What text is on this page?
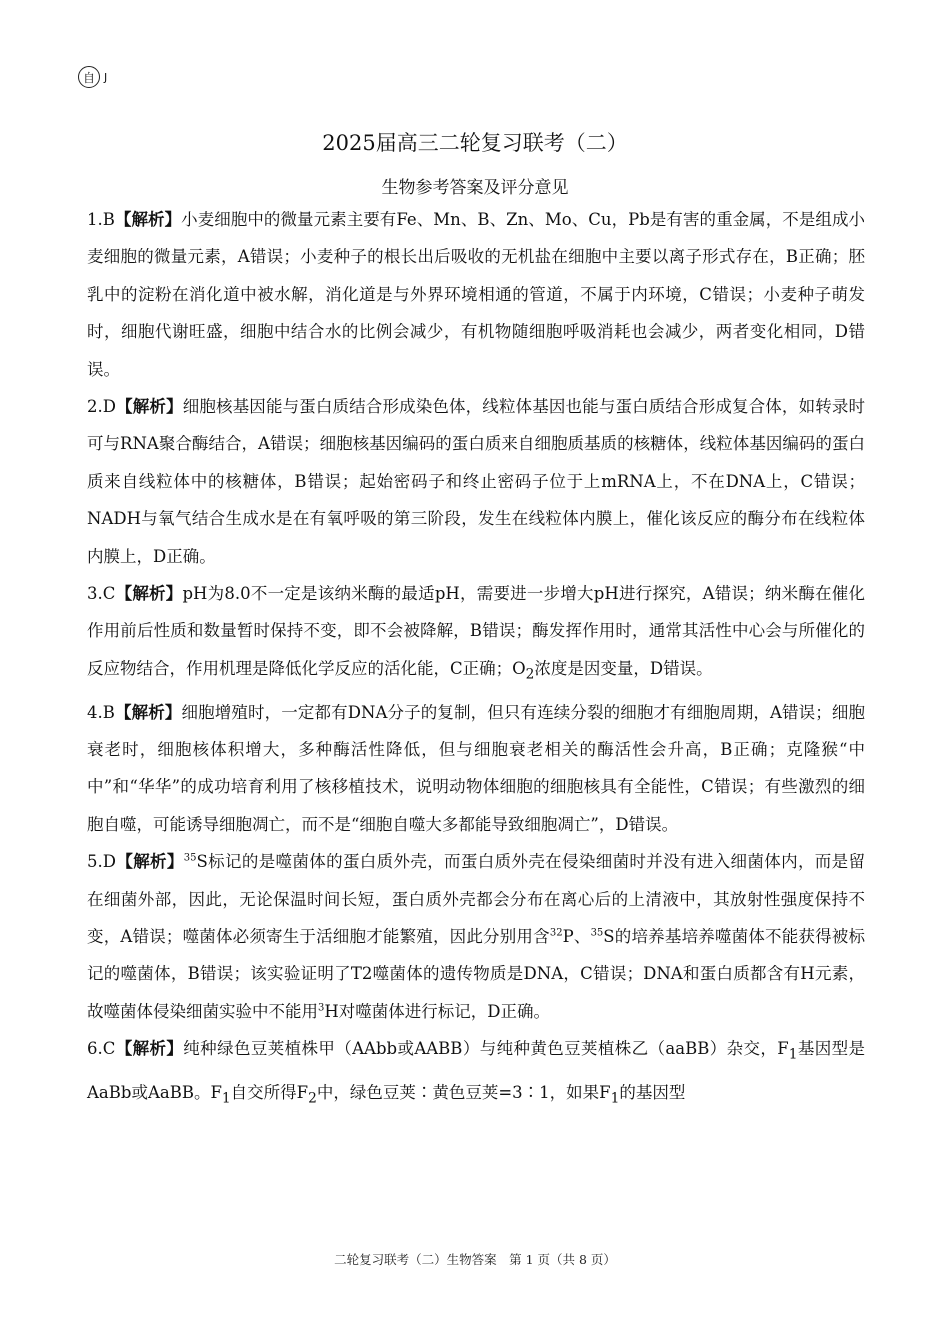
自 J
2025届高三二轮复习联考（二）
生物参考答案及评分意见

1.B【解析】小麦细胞中的微量元素主要有Fe、Mn、B、Zn、Mo、Cu，Pb是有害的重金属，不是组成小麦细胞的微量元素，A错误；小麦种子的根长出后吸收的无机盐在细胞中主要以离子形式存在，B正确；胚乳中的淀粉在消化道中被水解，消化道是与外界环境相通的管道，不属于内环境，C错误；小麦种子萌发时，细胞代谢旺盛，细胞中结合水的比例会减少，有机物随细胞呼吸消耗也会减少，两者变化相同，D错误。

2.D【解析】细胞核基因能与蛋白质结合形成染色体，线粒体基因也能与蛋白质结合形成复合体，如转录时可与RNA聚合酶结合，A错误；细胞核基因编码的蛋白质来自细胞质基质的核糖体，线粒体基因编码的蛋白质来自线粒体中的核糖体，B错误；起始密码子和终止密码子位于上mRNA上，不在DNA上，C错误；NADH与氧气结合生成水是在有氧呼吸的第三阶段，发生在线粒体内膜上，催化该反应的酶分布在线粒体内膜上，D正确。

3.C【解析】pH为8.0不一定是该纳米酶的最适pH，需要进一步增大pH进行探究，A错误；纳米酶在催化作用前后性质和数量暂时保持不变，即不会被降解，B错误；酶发挥作用时，通常其活性中心会与所催化的反应物结合，作用机理是降低化学反应的活化能，C正确；$O_2$浓度是因变量，D错误。

4.B【解析】细胞增殖时，一定都有DNA分子的复制，但只有连续分裂的细胞才有细胞周期，A错误；细胞衰老时，细胞核体积增大，多种酶活性降低，但与细胞衰老相关的酶活性会升高，B正确；克隆猴“中中”和“华华”的成功培育利用了核移植技术，说明动物体细胞的细胞核具有全能性，C错误；有些激烈的细胞自噬，可能诱导细胞凋亡，而不是“细胞自噬大多都能导致细胞凋亡”，D错误。

5.D【解析】$^{35}$S标记的是噬菌体的蛋白质外壳，而蛋白质外壳在侵染细菌时并没有进入细菌体内，而是留在细菌外部，因此，无论保温时间长短，蛋白质外壳都会分布在离心后的上清液中，其放射性强度保持不变，A错误；噬菌体必须寄生于活细胞才能繁殖，因此分别用含$^{32}$P、$^{35}$S的培养基培养噬菌体不能获得被标记的噬菌体，B错误；该实验证明了T2噬菌体的遗传物质是DNA，C错误；DNA和蛋白质都含有H元素，故噬菌体侵染细菌实验中不能用$^3$H对噬菌体进行标记，D正确。

6.C【解析】纯种绿色豆荚植株甲（AAbb或AABB）与纯种黄色豆荚植株乙（aaBB）杂交，$F_1$基因型是AaBb或AaBB。$F_1$自交所得$F_2$中，绿色豆荚∶黄色豆荚=3∶1，如果$F_1$的基因型

二轮复习联考（二）生物答案　第 1 页（共 8 页）
